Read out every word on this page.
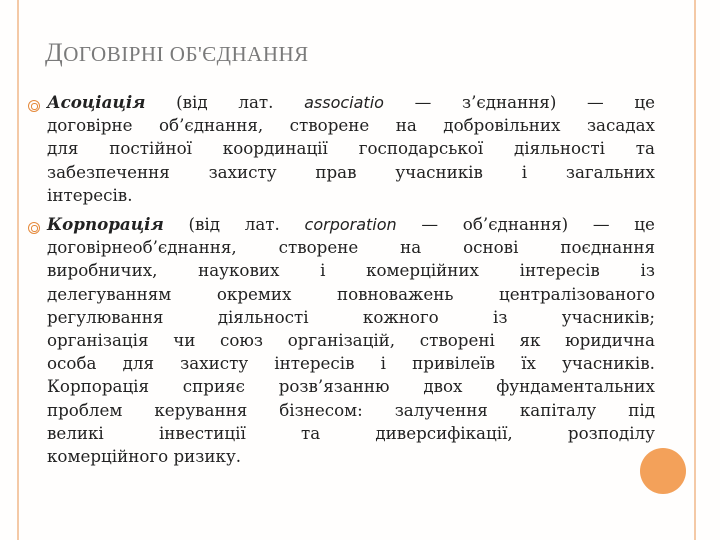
ДОГОВІРНІ ОБ'ЄДНАННЯ
Асоціація (від лат. associatio — з’єднання) — це
договірне об’єднання, створене на добровільних засадах
для постійної координації господарської діяльності та
забезпечення захисту прав учасників і загальних
інтересів.
Корпорація (від лат. corporation — об’єднання) — це
договірнеоб’єднання,	створене	на	основі	поєднання
виробничих, наукових і комерційних інтересів із
делегуванням	окремих	повноважень	централізованого
регулювання	діяльності	кожного	із	учасників;
організація чи союз організацій, створені як юридична
особа для захисту інтересів і привілеїв їх учасників.
Корпорація сприяє розв’язанню двох фундаментальних
проблем керування бізнесом: залучення капіталу під
великі	інвестиції	та	диверсифікації,	розподілу
комерційного
ризику.
